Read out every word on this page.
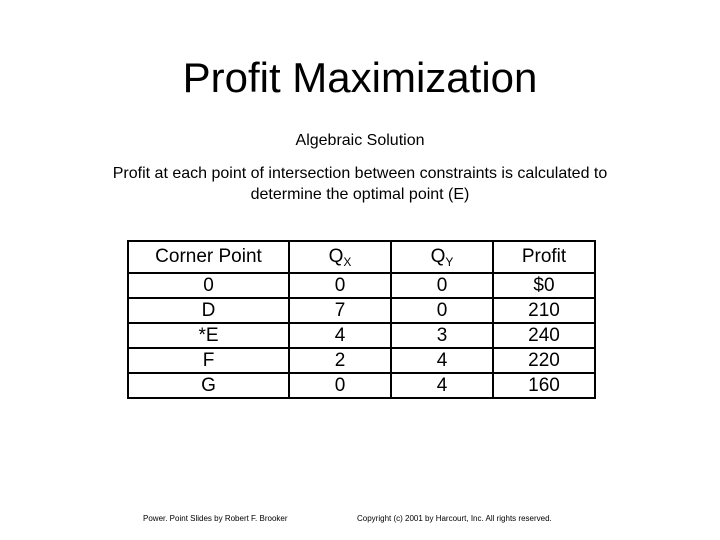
Profit Maximization
Algebraic Solution
Profit at each point of intersection between constraints is calculated to determine the optimal point (E)
Corner Point	$Q_X$	$Q_Y$	Profit
0	0	0	$0
D	7	0	210
*E	4	3	240
F	2	4	220
G	0	4	160
Power. Point Slides by Robert F. Brooker	Copyright (c) 2001 by Harcourt, Inc. All rights reserved.
